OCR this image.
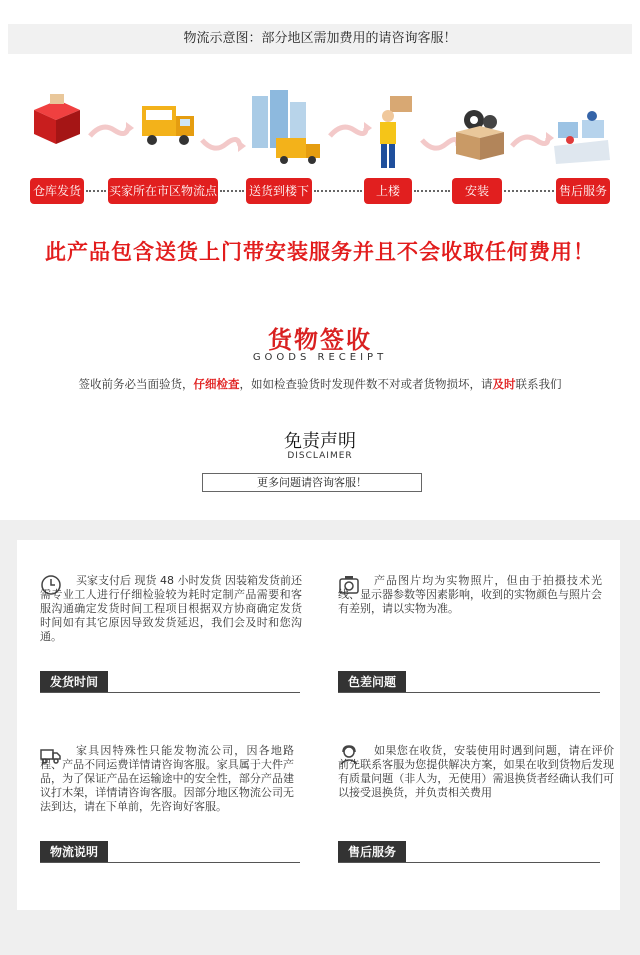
物流示意图：部分地区需加费用的请咨询客服！
仓库发货 买家所在市区物流点	送货到楼下	上楼	安装	售后服务
此产品包含送货上门带安装服务并且不会收取任何费用！
货物签收
GOODS RECEIPT
签收前务必当面验货，仔细检查，如如检查验货时发现件数不对或者货物损坏，请及时联系我们
免责声明
DISCLAIMER
更多问题请咨询客服！

买家支付后 现货 48 小时发货 因装箱发货前还需专业工人进行仔细检验较为耗时定制产品需要和客服沟通确定发货时间工程项目根据双方协商确定发货时间如有其它原因导致发货延迟，我们会及时和您沟通。

发货时间

产品图片均为实物照片，但由于拍摄技术光线、显示器参数等因素影响，收到的实物颜色与照片会有差别，请以实物为准。

色差问题

家具因特殊性只能发物流公司，因各地路程、产品不同运费详情请咨询客服。家具属于大件产品，为了保证产品在运输途中的安全性，部分产品建议打木架，详情请咨询客服。因部分地区物流公司无法到达，请在下单前，先咨询好客服。

物流说明

如果您在收货，安装使用时遇到问题，请在评价前先联系客服为您提供解决方案，如果在收到货物后发现有质量问题（非人为，无使用）需退换货者经确认我们可以接受退换货，并负责相关费用

售后服务
